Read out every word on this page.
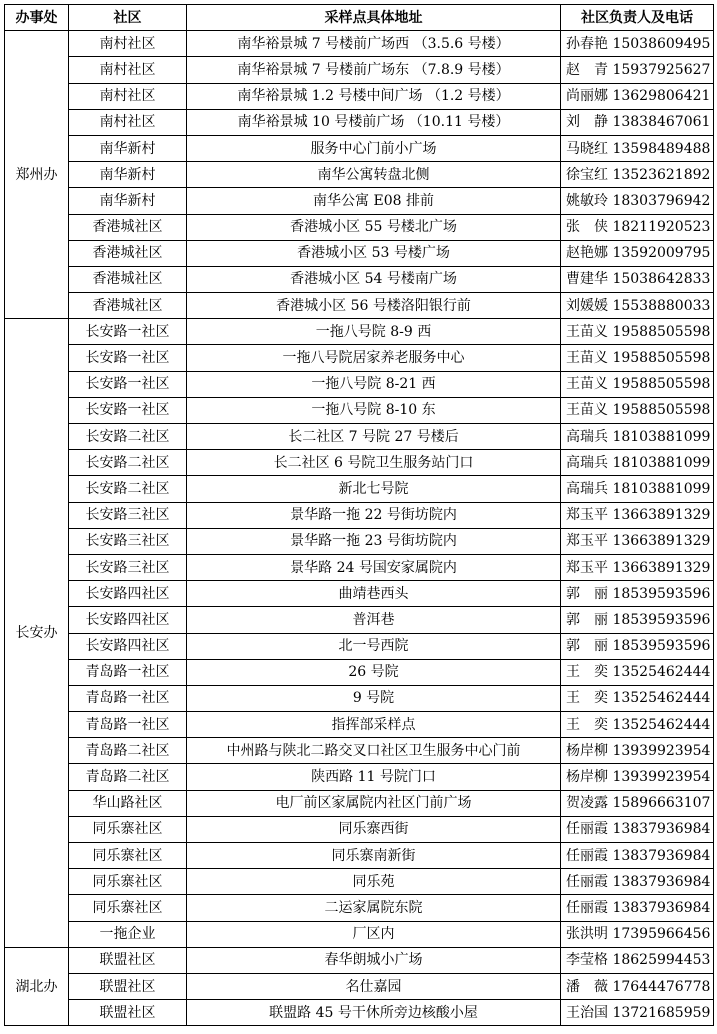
办事处	社区	采样点具体地址	社区负责人及电话
郑州办	南村社区	南华裕景城 7 号楼前广场西 （3.5.6 号楼）	孙春艳 15038609495
	南村社区	南华裕景城 7 号楼前广场东 （7.8.9 号楼）	赵　青 15937925627
	南村社区	南华裕景城 1.2 号楼中间广场 （1.2 号楼）	尚丽娜 13629806421
	南村社区	南华裕景城 10 号楼前广场 （10.11 号楼）	刘　静 13838467061
	南华新村	服务中心门前小广场	马晓红 13598489488
	南华新村	南华公寓转盘北侧	徐宝红 13523621892
	南华新村	南华公寓 E08 排前	姚敏玲 18303796942
	香港城社区	香港城小区 55 号楼北广场	张　侠 18211920523
	香港城社区	香港城小区 53 号楼广场	赵艳娜 13592009795
	香港城社区	香港城小区 54 号楼南广场	曹建华 15038642833
	香港城社区	香港城小区 56 号楼洛阳银行前	刘媛媛 15538880033
长安办	长安路一社区	一拖八号院 8-9 西	王苗义 19588505598
	长安路一社区	一拖八号院居家养老服务中心	王苗义 19588505598
	长安路一社区	一拖八号院 8-21 西	王苗义 19588505598
	长安路一社区	一拖八号院 8-10 东	王苗义 19588505598
	长安路二社区	长二社区 7 号院 27 号楼后	高瑞兵 18103881099
	长安路二社区	长二社区 6 号院卫生服务站门口	高瑞兵 18103881099
	长安路二社区	新北七号院	高瑞兵 18103881099
	长安路三社区	景华路一拖 22 号街坊院内	郑玉平 13663891329
	长安路三社区	景华路一拖 23 号街坊院内	郑玉平 13663891329
	长安路三社区	景华路 24 号国安家属院内	郑玉平 13663891329
	长安路四社区	曲靖巷西头	郭　丽 18539593596
	长安路四社区	普洱巷	郭　丽 18539593596
	长安路四社区	北一号西院	郭　丽 18539593596
	青岛路一社区	26 号院	王　奕 13525462444
	青岛路一社区	9 号院	王　奕 13525462444
	青岛路一社区	指挥部采样点	王　奕 13525462444
	青岛路二社区	中州路与陕北二路交叉口社区卫生服务中心门前	杨岸柳 13939923954
	青岛路二社区	陕西路 11 号院门口	杨岸柳 13939923954
	华山路社区	电厂前区家属院内社区门前广场	贺凌露 15896663107
	同乐寨社区	同乐寨西街	任丽霞 13837936984
	同乐寨社区	同乐寨南新街	任丽霞 13837936984
	同乐寨社区	同乐苑	任丽霞 13837936984
	同乐寨社区	二运家属院东院	任丽霞 13837936984
	一拖企业	厂区内	张洪明 17395966456
湖北办	联盟社区	春华朗城小广场	李莹格 18625994453
	联盟社区	名仕嘉园	潘　薇 17644476778
	联盟社区	联盟路 45 号干休所旁边核酸小屋	王治国 13721685959
